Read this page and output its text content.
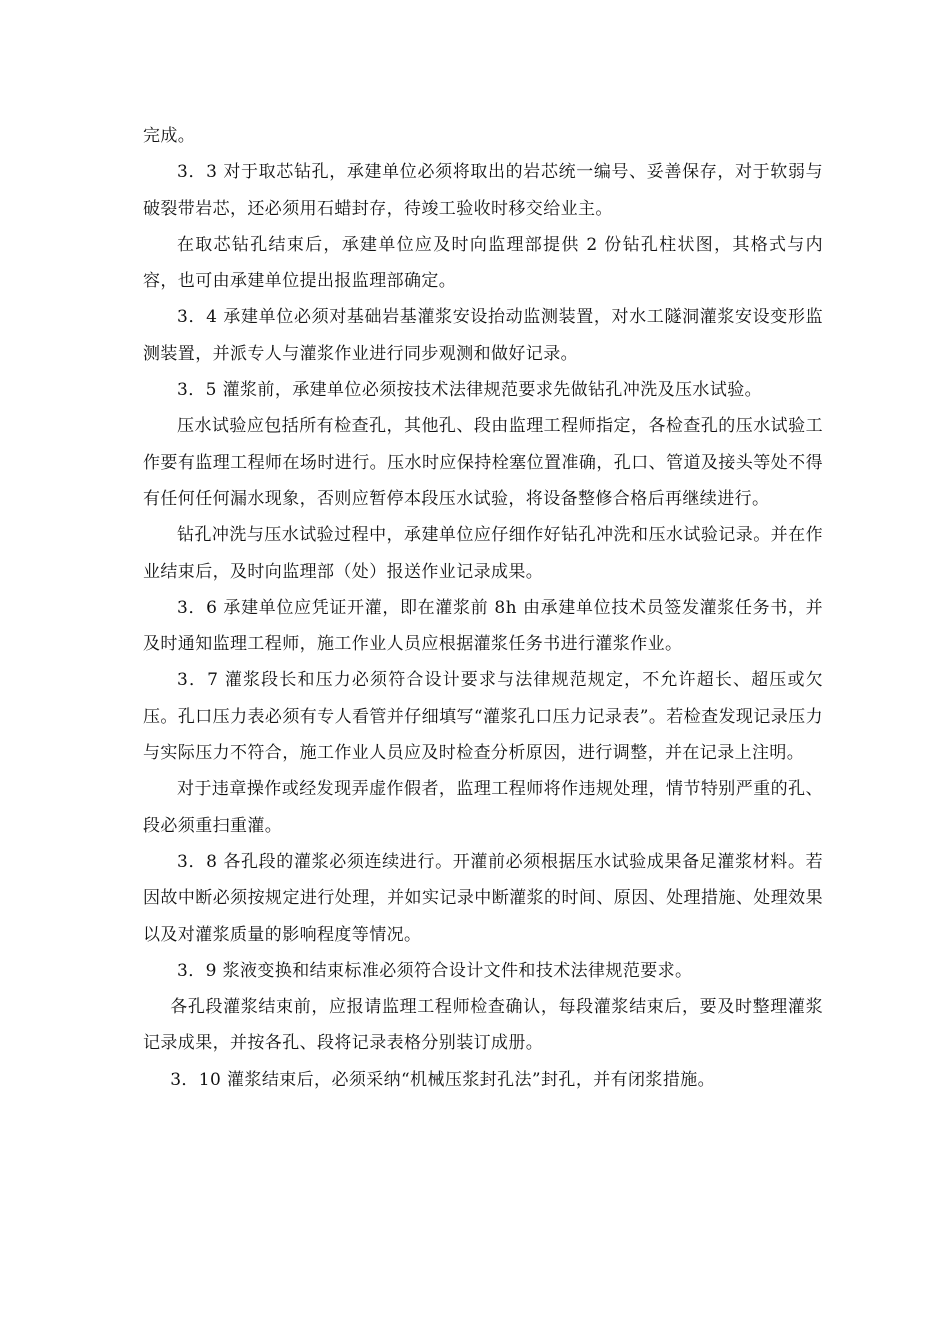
完成。

3．3 对于取芯钻孔，承建单位必须将取出的岩芯统一编号、妥善保存，对于软弱与破裂带岩芯，还必须用石蜡封存，待竣工验收时移交给业主。

在取芯钻孔结束后，承建单位应及时向监理部提供 2 份钻孔柱状图，其格式与内容，也可由承建单位提出报监理部确定。

3．4 承建单位必须对基础岩基灌浆安设抬动监测装置，对水工隧洞灌浆安设变形监测装置，并派专人与灌浆作业进行同步观测和做好记录。

3．5 灌浆前，承建单位必须按技术法律规范要求先做钻孔冲洗及压水试验。

压水试验应包括所有检查孔，其他孔、段由监理工程师指定，各检查孔的压水试验工作要有监理工程师在场时进行。压水时应保持栓塞位置准确，孔口、管道及接头等处不得有任何任何漏水现象，否则应暂停本段压水试验，将设备整修合格后再继续进行。

钻孔冲洗与压水试验过程中，承建单位应仔细作好钻孔冲洗和压水试验记录。并在作业结束后，及时向监理部（处）报送作业记录成果。

3．6 承建单位应凭证开灌，即在灌浆前 8h 由承建单位技术员签发灌浆任务书，并及时通知监理工程师，施工作业人员应根据灌浆任务书进行灌浆作业。

3．7 灌浆段长和压力必须符合设计要求与法律规范规定，不允许超长、超压或欠压。孔口压力表必须有专人看管并仔细填写“灌浆孔口压力记录表”。若检查发现记录压力与实际压力不符合，施工作业人员应及时检查分析原因，进行调整，并在记录上注明。

对于违章操作或经发现弄虚作假者，监理工程师将作违规处理，情节特别严重的孔、段必须重扫重灌。

3．8 各孔段的灌浆必须连续进行。开灌前必须根据压水试验成果备足灌浆材料。若因故中断必须按规定进行处理，并如实记录中断灌浆的时间、原因、处理措施、处理效果以及对灌浆质量的影响程度等情况。

3．9 浆液变换和结束标准必须符合设计文件和技术法律规范要求。

各孔段灌浆结束前，应报请监理工程师检查确认，每段灌浆结束后，要及时整理灌浆记录成果，并按各孔、段将记录表格分别装订成册。

3．10 灌浆结束后，必须采纳“机械压浆封孔法”封孔，并有闭浆措施。
